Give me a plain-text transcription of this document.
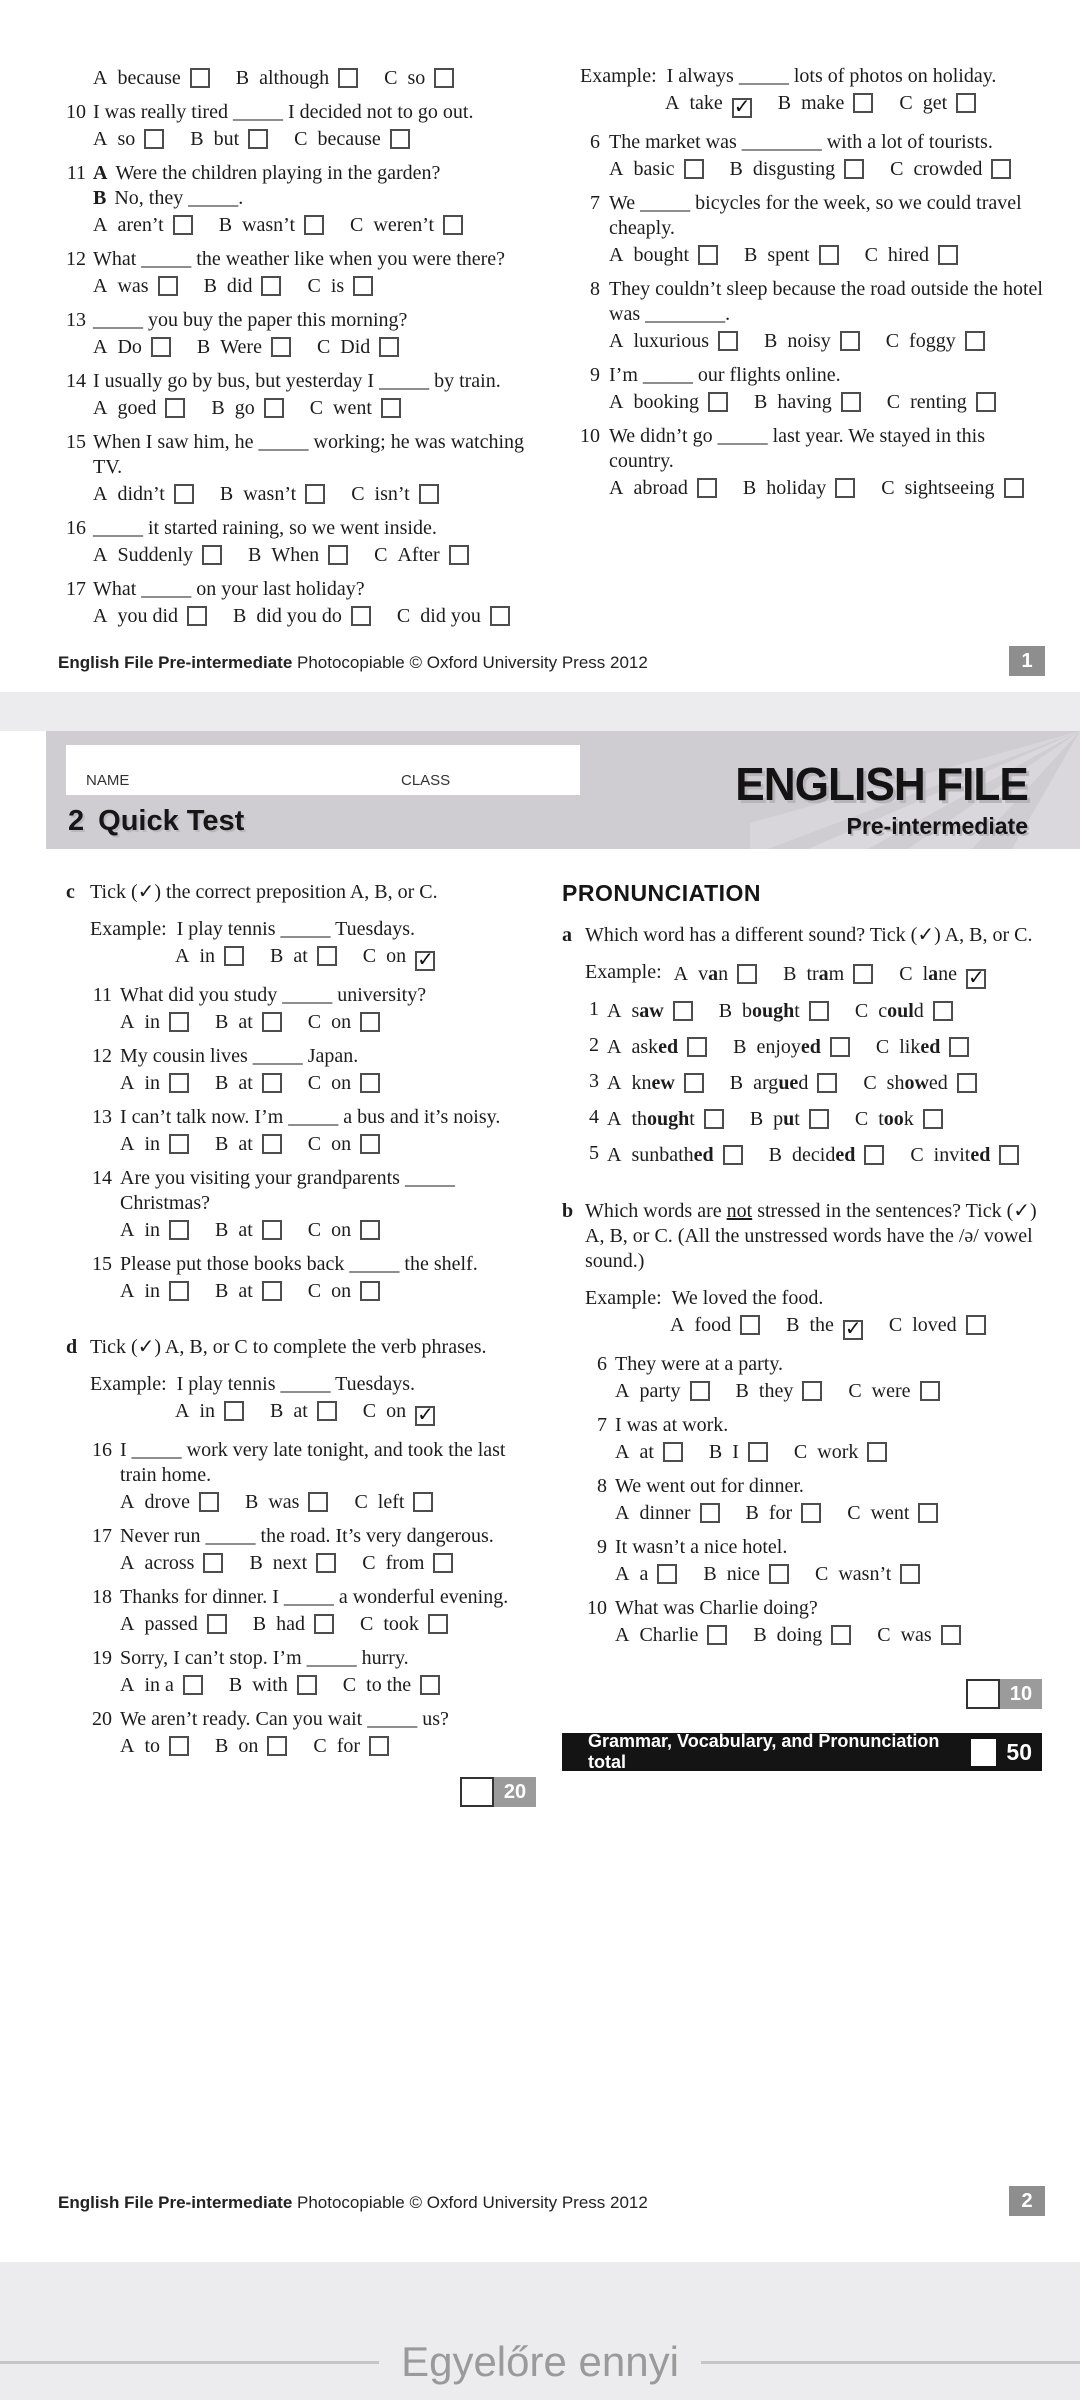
A because	B although	C so
10 I was really tired _____ I decided not to go out.
A so	B but	C because
11 A Were the children playing in the garden?
B No, they _____.
A aren’t	B wasn’t	C weren’t
12 What _____ the weather like when you were there?
A was	B did	C is
13 _____ you buy the paper this morning?
A Do	B Were	C Did
14 I usually go by bus, but yesterday I _____ by train.
A goed	B go	C went
15 When I saw him, he _____ working; he was watching TV.
A didn’t	B wasn’t	C isn’t
16 _____ it started raining, so we went inside.
A Suddenly	B When	C After
17 What _____ on your last holiday?
A you did	B did you do	C did you
Example: I always _____ lots of photos on holiday.
A take ✓ B make	C get
6 The market was ________ with a lot of tourists.
A basic	B disgusting	C crowded
7 We _____ bicycles for the week, so we could travel cheaply.
A bought	B spent	C hired
8 They couldn’t sleep because the road outside the hotel was ________.
A luxurious	B noisy	C foggy
9 I’m _____ our flights online.
A booking	B having	C renting
10 We didn’t go _____ last year. We stayed in this country.
A abroad	B holiday	C sightseeing
English File Pre-intermediate Photocopiable © Oxford University Press 2012	1
NAME	CLASS
2 Quick Test
ENGLISH FILE
Pre-intermediate
c Tick (✓) the correct preposition A, B, or C.
Example: I play tennis _____ Tuesdays.
A in	B at	C on ✓
11 What did you study _____ university?
A in	B at	C on
12 My cousin lives _____ Japan.
A in	B at	C on
13 I can’t talk now. I’m _____ a bus and it’s noisy.
A in	B at	C on
14 Are you visiting your grandparents _____ Christmas?
A in	B at	C on
15 Please put those books back _____ the shelf.
A in	B at	C on
d Tick (✓) A, B, or C to complete the verb phrases.
Example: I play tennis _____ Tuesdays.
A in	B at	C on ✓
16 I _____ work very late tonight, and took the last train home.
A drove	B was	C left
17 Never run _____ the road. It’s very dangerous.
A across	B next	C from
18 Thanks for dinner. I _____ a wonderful evening.
A passed	B had	C took
19 Sorry, I can’t stop. I’m _____ hurry.
A in a	B with	C to the
20 We aren’t ready. Can you wait _____ us?
A to	B on	C for
20
PRONUNCIATION
a Which word has a different sound? Tick (✓) A, B, or C.
Example: A van	B tram	C lane ✓
1 A saw	B bought	C could
2 A asked	B enjoyed	C liked
3 A knew	B argued	C showed
4 A thought	B put	C took
5 A sunbathed	B decided	C invited
b Which words are not stressed in the sentences? Tick (✓) A, B, or C. (All the unstressed words have the /ə/ vowel sound.)
Example: We loved the food.
A food	B the ✓ C loved
6 They were at a party.
A party	B they	C were
7 I was at work.
A at	B I	C work
8 We went out for dinner.
A dinner	B for	C went
9 It wasn’t a nice hotel.
A a	B nice	C wasn’t
10 What was Charlie doing?
A Charlie	B doing	C was
10
Grammar, Vocabulary, and Pronunciation total	50
English File Pre-intermediate Photocopiable © Oxford University Press 2012	2
Egyelőre ennyi
